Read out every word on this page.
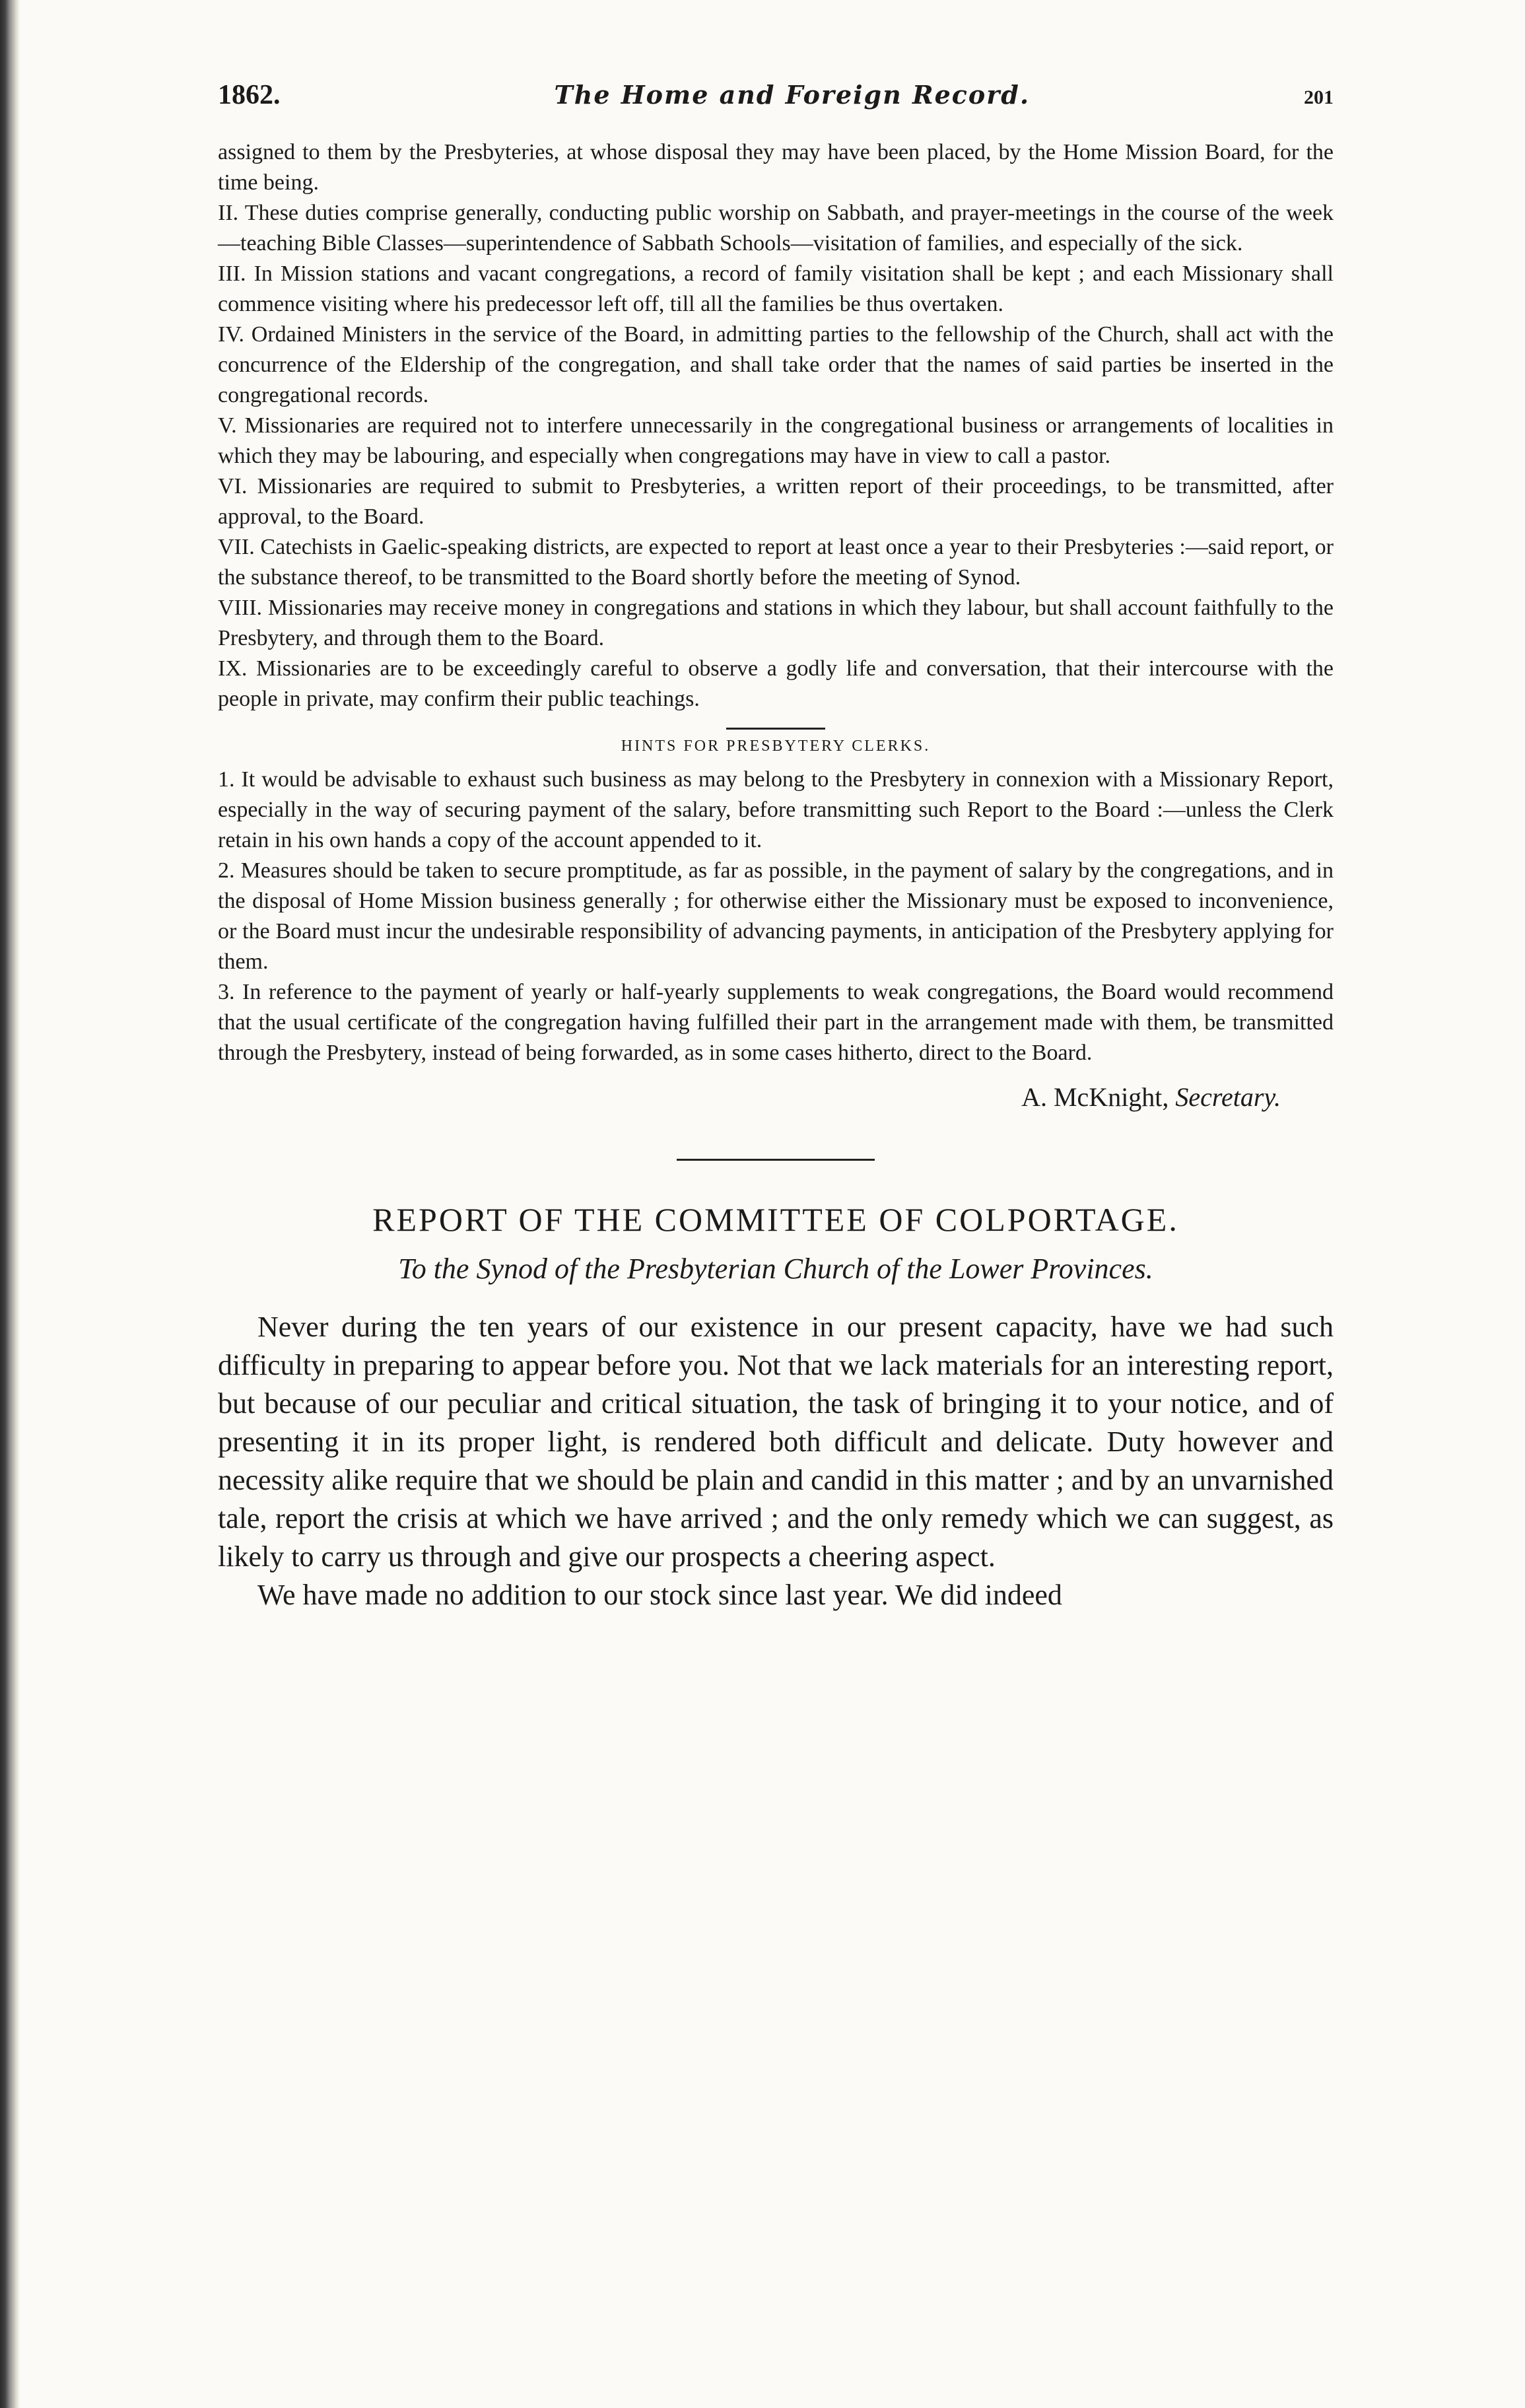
1862.	The Home and Foreign Record.	201

assigned to them by the Presbyteries, at whose disposal they may have been placed, by the Home Mission Board, for the time being.

II. These duties comprise generally, conducting public worship on Sabbath, and prayer-meetings in the course of the week—teaching Bible Classes—superintendence of Sabbath Schools—visitation of families, and especially of the sick.

III. In Mission stations and vacant congregations, a record of family visitation shall be kept ; and each Missionary shall commence visiting where his predecessor left off, till all the families be thus overtaken.

IV. Ordained Ministers in the service of the Board, in admitting parties to the fellowship of the Church, shall act with the concurrence of the Eldership of the congregation, and shall take order that the names of said parties be inserted in the congregational records.

V. Missionaries are required not to interfere unnecessarily in the congregational business or arrangements of localities in which they may be labouring, and especially when congregations may have in view to call a pastor.

VI. Missionaries are required to submit to Presbyteries, a written report of their proceedings, to be transmitted, after approval, to the Board.

VII. Catechists in Gaelic-speaking districts, are expected to report at least once a year to their Presbyteries :—said report, or the substance thereof, to be transmitted to the Board shortly before the meeting of Synod.

VIII. Missionaries may receive money in congregations and stations in which they labour, but shall account faithfully to the Presbytery, and through them to the Board.

IX. Missionaries are to be exceedingly careful to observe a godly life and conversation, that their intercourse with the people in private, may confirm their public teachings.

HINTS FOR PRESBYTERY CLERKS.

1. It would be advisable to exhaust such business as may belong to the Presbytery in connexion with a Missionary Report, especially in the way of securing payment of the salary, before transmitting such Report to the Board :—unless the Clerk retain in his own hands a copy of the account appended to it.

2. Measures should be taken to secure promptitude, as far as possible, in the payment of salary by the congregations, and in the disposal of Home Mission business generally ; for otherwise either the Missionary must be exposed to inconvenience, or the Board must incur the undesirable responsibility of advancing payments, in anticipation of the Presbytery applying for them.

3. In reference to the payment of yearly or half-yearly supplements to weak congregations, the Board would recommend that the usual certificate of the congregation having fulfilled their part in the arrangement made with them, be transmitted through the Presbytery, instead of being forwarded, as in some cases hitherto, direct to the Board.

A. McKnight, Secretary.
REPORT OF THE COMMITTEE OF COLPORTAGE.
To the Synod of the Presbyterian Church of the Lower Provinces.

Never during the ten years of our existence in our present capacity, have we had such difficulty in preparing to appear before you. Not that we lack materials for an interesting report, but because of our peculiar and critical situation, the task of bringing it to your notice, and of presenting it in its proper light, is rendered both difficult and delicate. Duty however and necessity alike require that we should be plain and candid in this matter ; and by an unvarnished tale, report the crisis at which we have arrived ; and the only remedy which we can suggest, as likely to carry us through and give our prospects a cheering aspect.

We have made no addition to our stock since last year. We did indeed
